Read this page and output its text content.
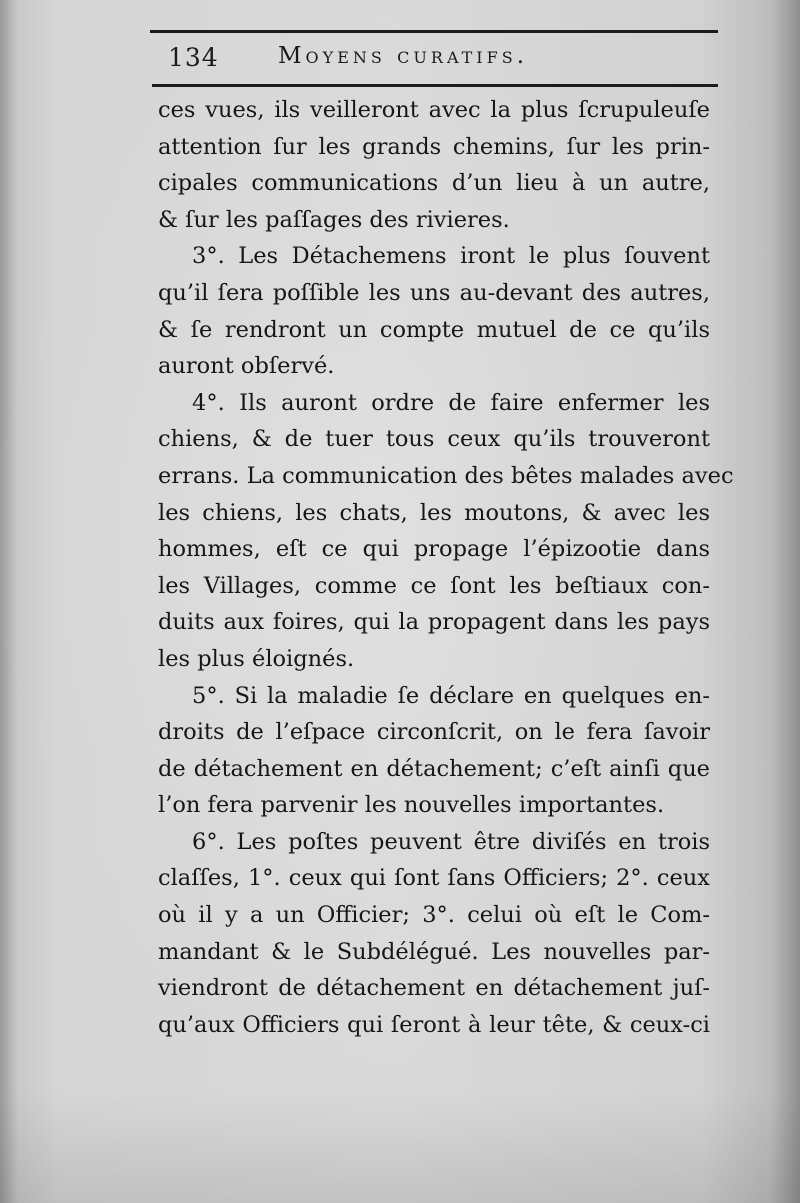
134	Moyens curatifs.
ces vues, ils veilleront avec la plus ſcrupuleuſe
attention ſur les grands chemins, ſur les prin-
cipales communications d’un lieu à un autre,
& ſur les paſſages des rivieres.
3°. Les Détachemens iront le plus ſouvent
qu’il ſera poſſible les uns au-devant des autres,
& ſe rendront un compte mutuel de ce qu’ils
auront obſervé.
4°. Ils auront ordre de faire enfermer les
chiens, & de tuer tous ceux qu’ils trouveront
errans. La communication des bêtes malades avec
les chiens, les chats, les moutons, & avec les
hommes, eſt ce qui propage l’épizootie dans
les Villages, comme ce ſont les beſtiaux con-
duits aux foires, qui la propagent dans les pays
les plus éloignés.
5°. Si la maladie ſe déclare en quelques en-
droits de l’eſpace circonſcrit, on le fera ſavoir
de détachement en détachement; c’eſt ainſi que
l’on fera parvenir les nouvelles importantes.
6°. Les poſtes peuvent être diviſés en trois
claſſes, 1°. ceux qui ſont ſans Officiers; 2°. ceux
où il y a un Officier; 3°. celui où eſt le Com-
mandant & le Subdélégué. Les nouvelles par-
viendront de détachement en détachement juſ-
qu’aux Officiers qui ſeront à leur tête, & ceux-ci
